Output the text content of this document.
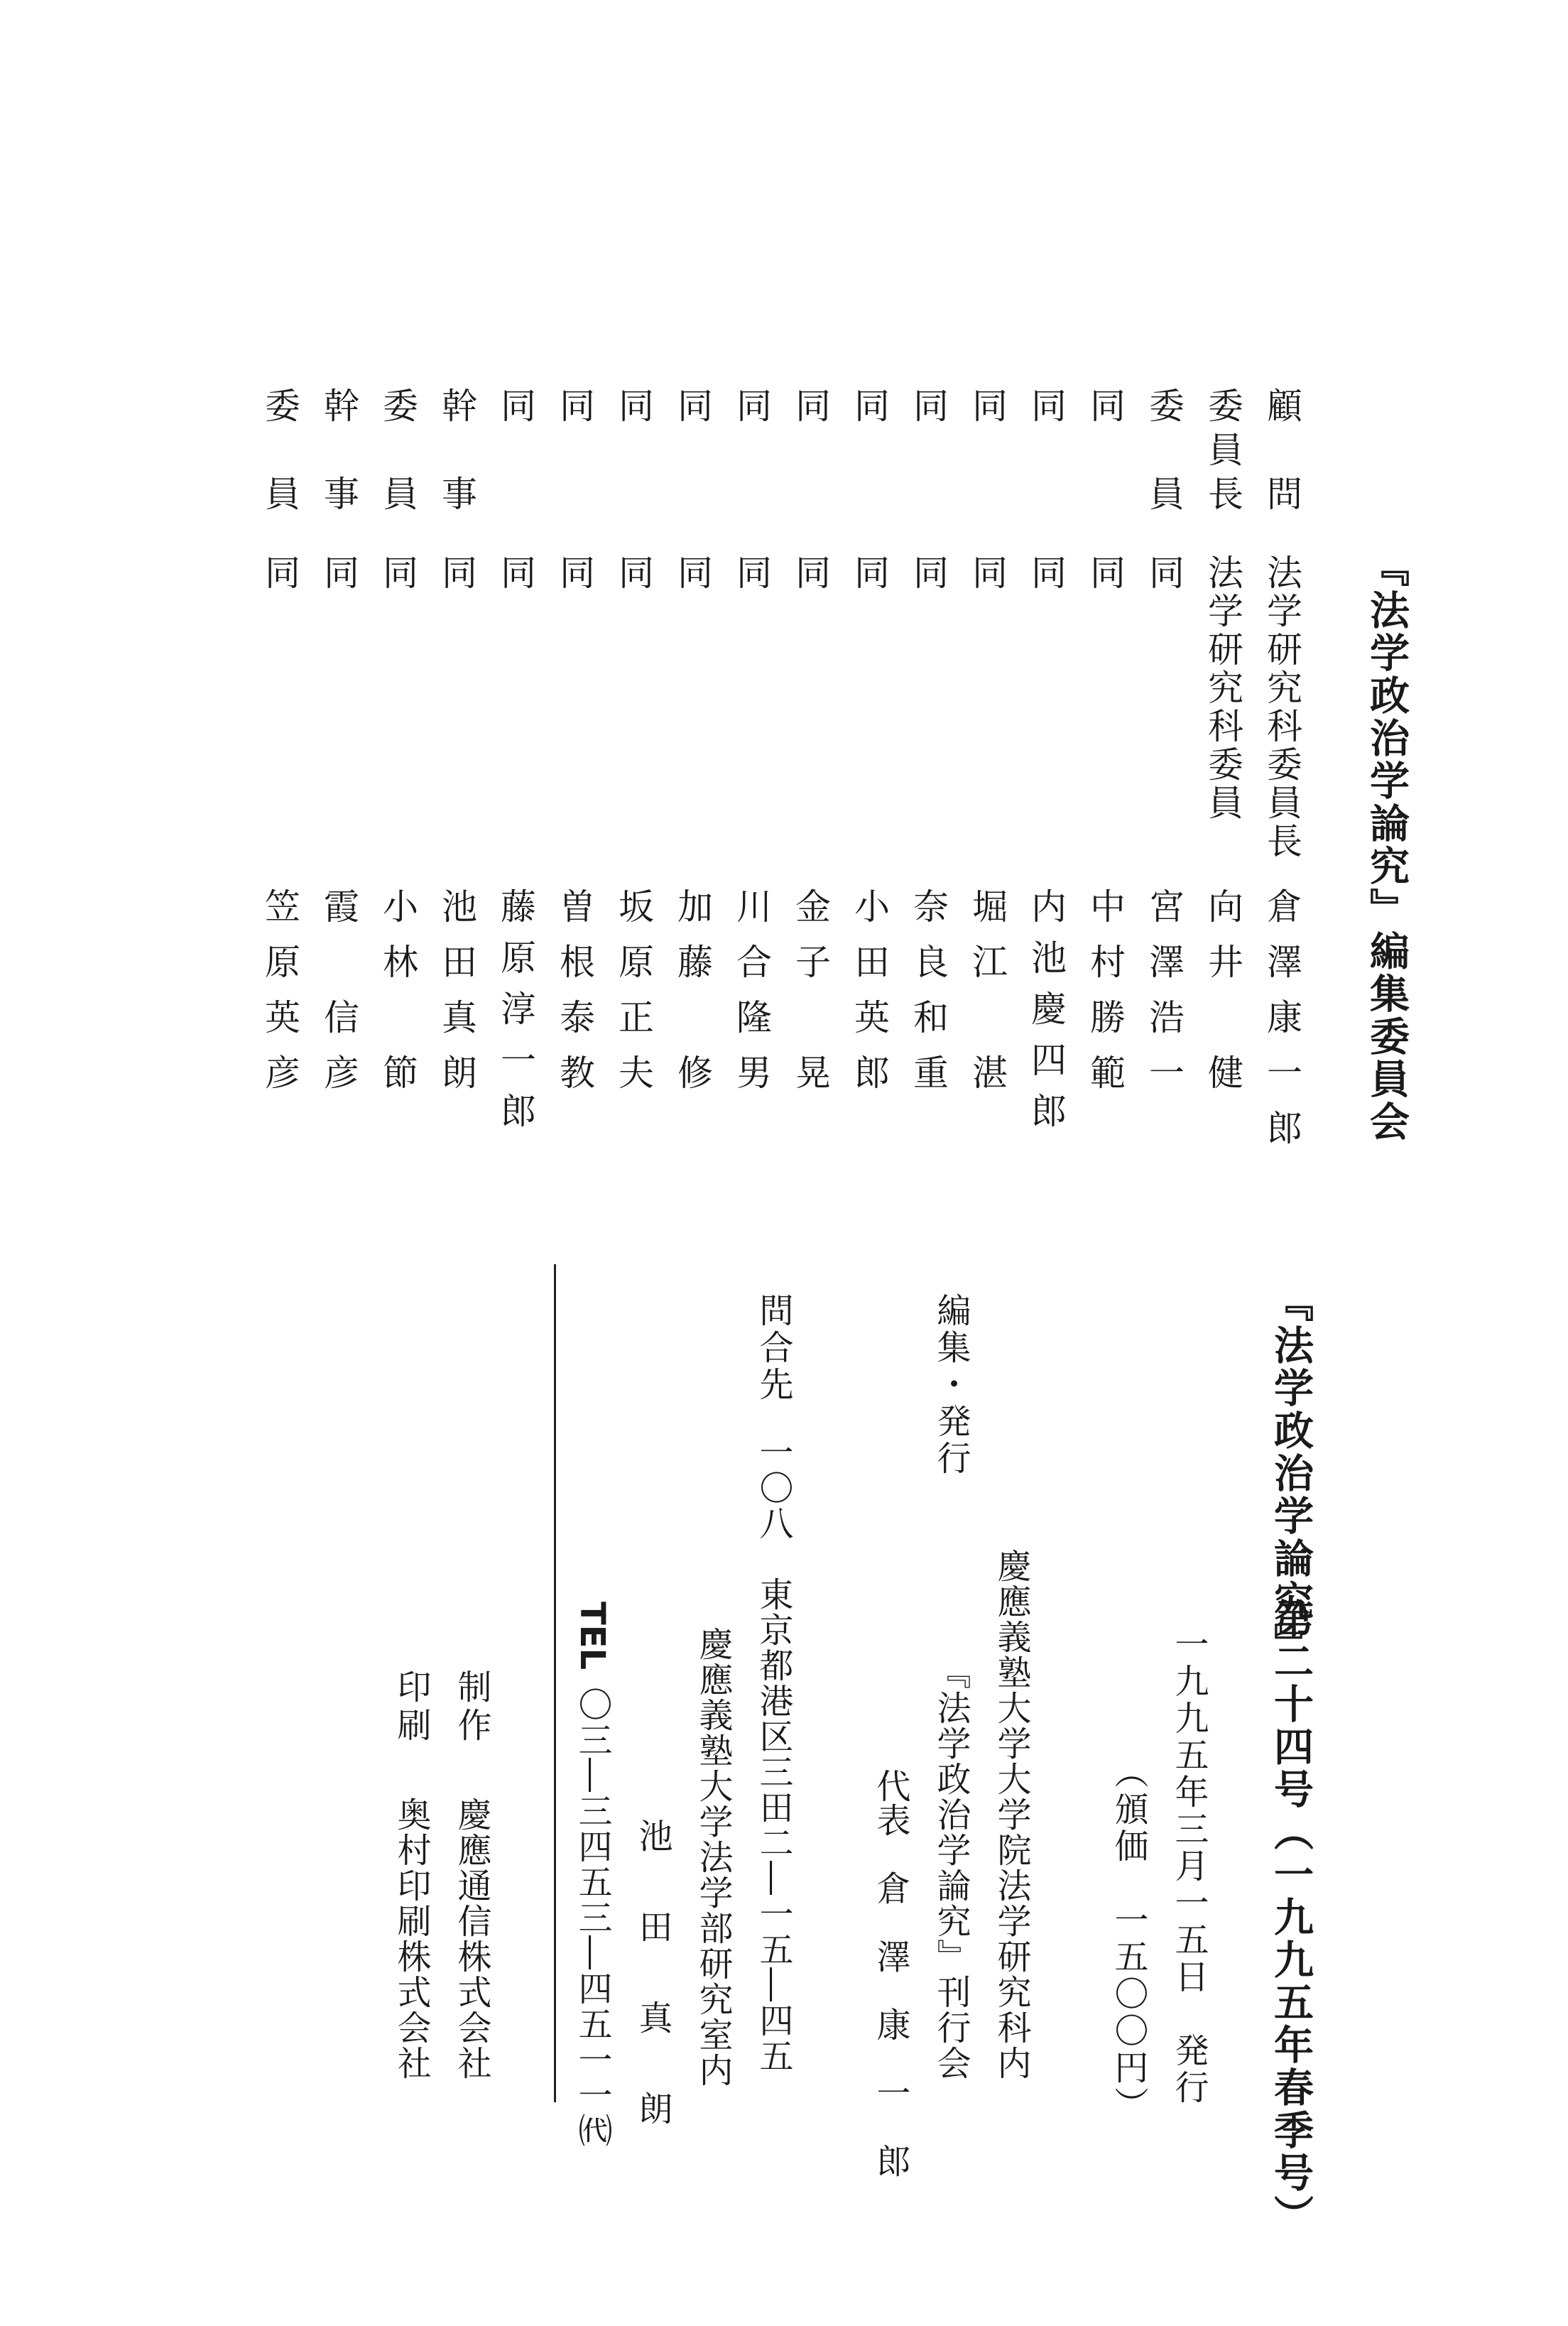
『法学政治学論究』編集委員会
顧　問
法学研究科委員長
倉澤康一郎
委員長
法学研究科委員
向井　健
委　員
同
宮澤浩一
同
同
中村勝範
同
同
内池慶四郎
同
同
堀江　湛
同
同
奈良和重
同
同
小田英郎
同
同
金子　晃
同
同
川合隆男
同
同
加藤　修
同
同
坂原正夫
同
同
曽根泰教
同
同
藤原淳一郎
幹　事
同
池田真朗
委　員
同
小林　節
幹　事
同
霞　信彦
委　員
同
笠原英彦
『法学政治学論究』
第二十四号（一九九五年春季号）
一九九五年三月一五日　発行
（頒価　一五〇〇円）
慶應義塾大学大学院法学研究科内
編集・発行
『法学政治学論究』刊行会
代表　倉　澤　康　一　郎
問合先
一〇八　東京都港区三田二―一五―四五
慶應義塾大学法学部研究室内
池　田　真　朗
TEL
〇三―三四五三―四五一一㈹
制作
慶應通信株式会社
印刷
奥村印刷株式会社
